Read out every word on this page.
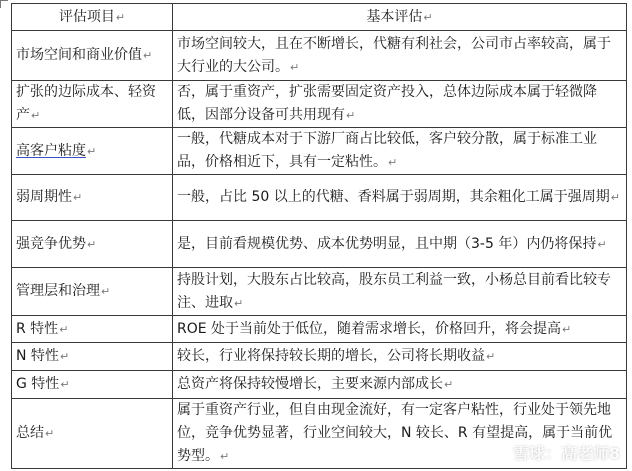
评估项目↵	基本评估↵
市场空间和商业价值↵	市场空间较大，且在不断增长，代糖有利社会，公司市占率较高，属于大行业的大公司。↵
扩张的边际成本、轻资产↵	否，属于重资产，扩张需要固定资产投入，总体边际成本属于轻微降低，因部分设备可共用现有↵
高客户粘度↵	一般，代糖成本对于下游厂商占比较低，客户较分散，属于标准工业品，价格相近下，具有一定粘性。↵
弱周期性↵	一般，占比 50 以上的代糖、香料属于弱周期，其余粗化工属于强周期↵
强竞争优势↵	是，目前看规模优势、成本优势明显，且中期（3-5 年）内仍将保持↵
管理层和治理↵	持股计划，大股东占比较高，股东员工利益一致，小杨总目前看比较专注、进取↵
R 特性↵	ROE 处于当前处于低位，随着需求增长，价格回升，将会提高↵
N 特性↵	较长，行业将保持较长期的增长，公司将长期收益↵
G 特性↵	总资产将保持较慢增长，主要来源内部成长↵
总结↵	属于重资产行业，但自由现金流好，有一定客户粘性，行业处于领先地位，竞争优势显著，行业空间较大，N 较长、R 有望提高，属于当前优势型。↵	雪球：高老师8
